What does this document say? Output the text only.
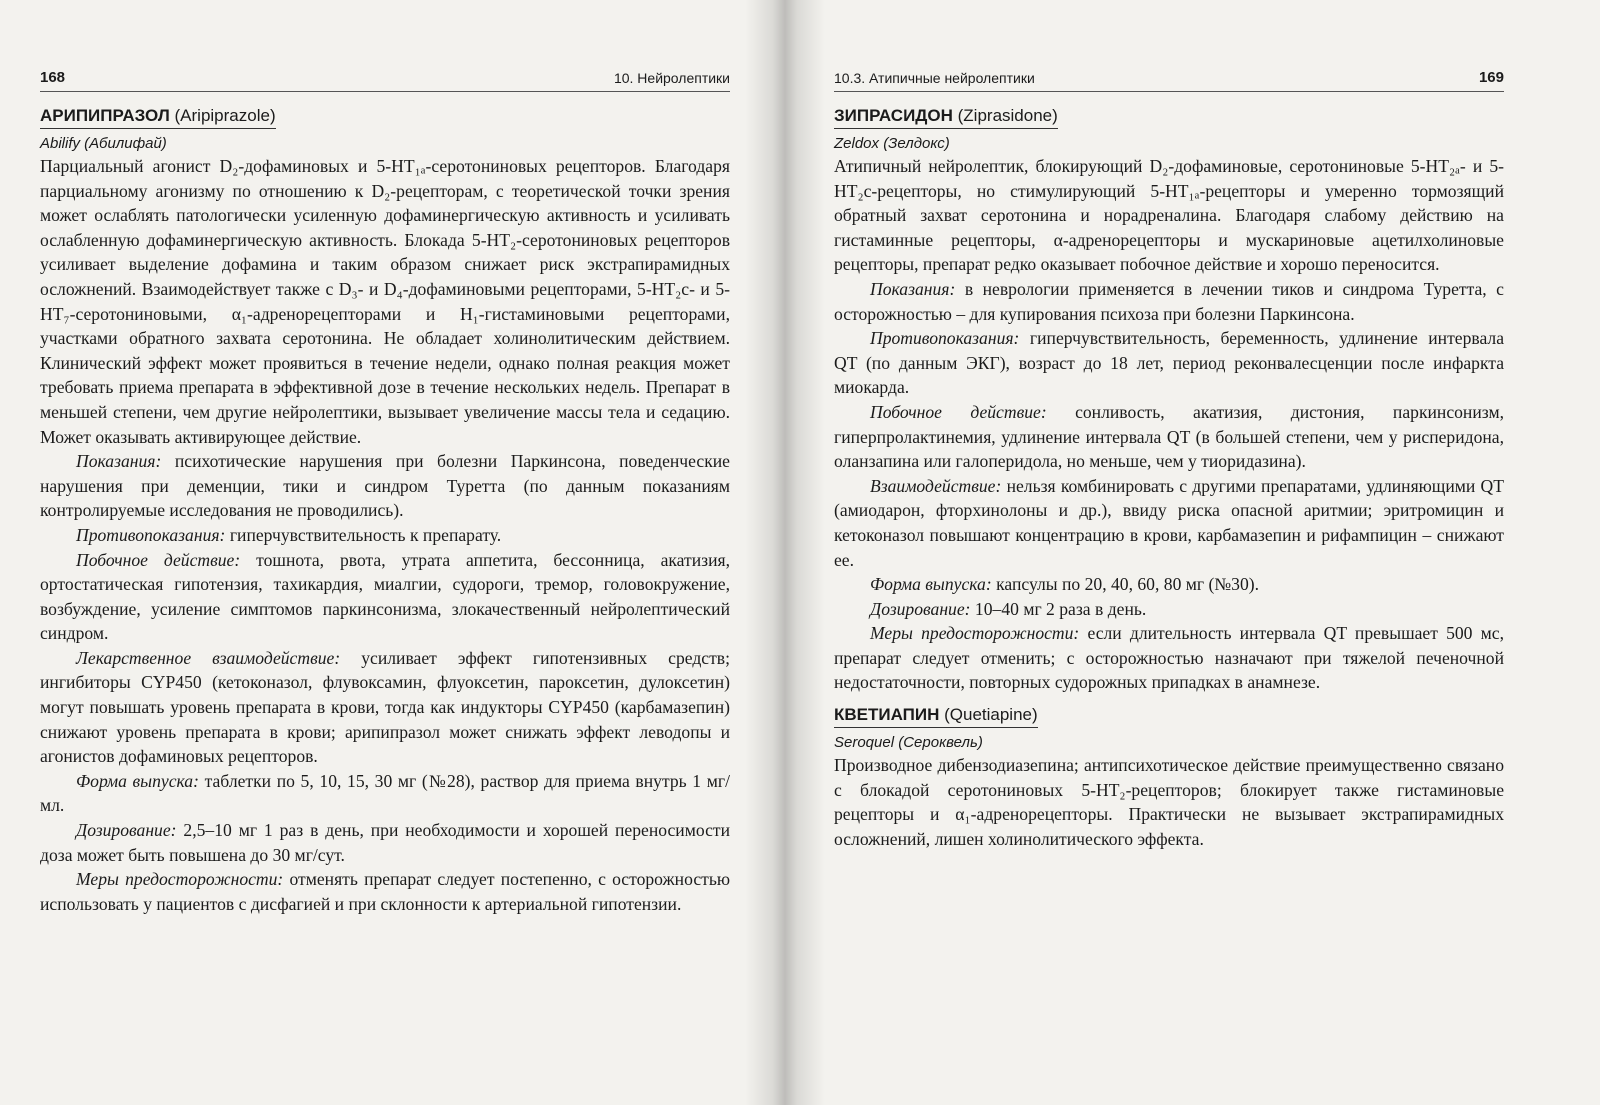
168	10. Нейролептики
АРИПИПРАЗОЛ (Aripiprazole)
Abilify (Абилифай)

Парциальный агонист D₂-дофаминовых и 5-HT₁ₐ-серотониновых рецепторов. Благодаря парциальному агонизму по отношению к D₂-рецепторам, с теоретической точки зрения может ослаблять патологически усиленную дофаминергическую активность и усиливать ослабленную дофаминергическую активность. Блокада 5-HT₂-серотониновых рецепторов усиливает выделение дофамина и таким образом снижает риск экстрапирамидных осложнений. Взаимодействует также с D₃- и D₄-дофаминовыми рецепторами, 5-HT₂c- и 5-HT₇-серотониновыми, α₁-адренорецепторами и H₁-гистаминовыми рецепторами, участками обратного захвата серотонина. Не обладает холинолитическим действием. Клинический эффект может проявиться в течение недели, однако полная реакция может требовать приема препарата в эффективной дозе в течение нескольких недель. Препарат в меньшей степени, чем другие нейролептики, вызывает увеличение массы тела и седацию. Может оказывать активирующее действие.

Показания: психотические нарушения при болезни Паркинсона, поведенческие нарушения при деменции, тики и синдром Туретта (по данным показаниям контролируемые исследования не проводились).

Противопоказания: гиперчувствительность к препарату.

Побочное действие: тошнота, рвота, утрата аппетита, бессонница, акатизия, ортостатическая гипотензия, тахикардия, миалгии, судороги, тремор, головокружение, возбуждение, усиление симптомов паркинсонизма, злокачественный нейролептический синдром.

Лекарственное взаимодействие: усиливает эффект гипотензивных средств; ингибиторы CYP450 (кетоконазол, флувоксамин, флуоксетин, пароксетин, дулоксетин) могут повышать уровень препарата в крови, тогда как индукторы CYP450 (карбамазепин) снижают уровень препарата в крови; арипипразол может снижать эффект леводопы и агонистов дофаминовых рецепторов.

Форма выпуска: таблетки по 5, 10, 15, 30 мг (№28), раствор для приема внутрь 1 мг/мл.

Дозирование: 2,5–10 мг 1 раз в день, при необходимости и хорошей переносимости доза может быть повышена до 30 мг/сут.

Меры предосторожности: отменять препарат следует постепенно, с осторожностью использовать у пациентов с дисфагией и при склонности к артериальной гипотензии.

10.3. Атипичные нейролептики	169
ЗИПРАСИДОН (Ziprasidone)
Zeldox (Зелдокс)

Атипичный нейролептик, блокирующий D₂-дофаминовые, серотониновые 5-HT₂ₐ- и 5-HT₂c-рецепторы, но стимулирующий 5-HT₁ₐ-рецепторы и умеренно тормозящий обратный захват серотонина и норадреналина. Благодаря слабому действию на гистаминные рецепторы, α-адренорецепторы и мускариновые ацетилхолиновые рецепторы, препарат редко оказывает побочное действие и хорошо переносится.

Показания: в неврологии применяется в лечении тиков и синдрома Туретта, с осторожностью – для купирования психоза при болезни Паркинсона.

Противопоказания: гиперчувствительность, беременность, удлинение интервала QT (по данным ЭКГ), возраст до 18 лет, период реконвалесценции после инфаркта миокарда.

Побочное действие: сонливость, акатизия, дистония, паркинсонизм, гиперпролактинемия, удлинение интервала QT (в большей степени, чем у рисперидона, оланзапина или галоперидола, но меньше, чем у тиоридазина).

Взаимодействие: нельзя комбинировать с другими препаратами, удлиняющими QT (амиодарон, фторхинолоны и др.), ввиду риска опасной аритмии; эритромицин и кетоконазол повышают концентрацию в крови, карбамазепин и рифампицин – снижают ее.

Форма выпуска: капсулы по 20, 40, 60, 80 мг (№30).

Дозирование: 10–40 мг 2 раза в день.

Меры предосторожности: если длительность интервала QT превышает 500 мс, препарат следует отменить; с осторожностью назначают при тяжелой печеночной недостаточности, повторных судорожных припадках в анамнезе.

КВЕТИАПИН (Quetiapine)
Seroquel (Сероквель)

Производное дибензодиазепина; антипсихотическое действие преимущественно связано с блокадой серотониновых 5-HT₂-рецепторов; блокирует также гистаминовые рецепторы и α₁-адренорецепторы. Практически не вызывает экстрапирамидных осложнений, лишен холинолитического эффекта.
